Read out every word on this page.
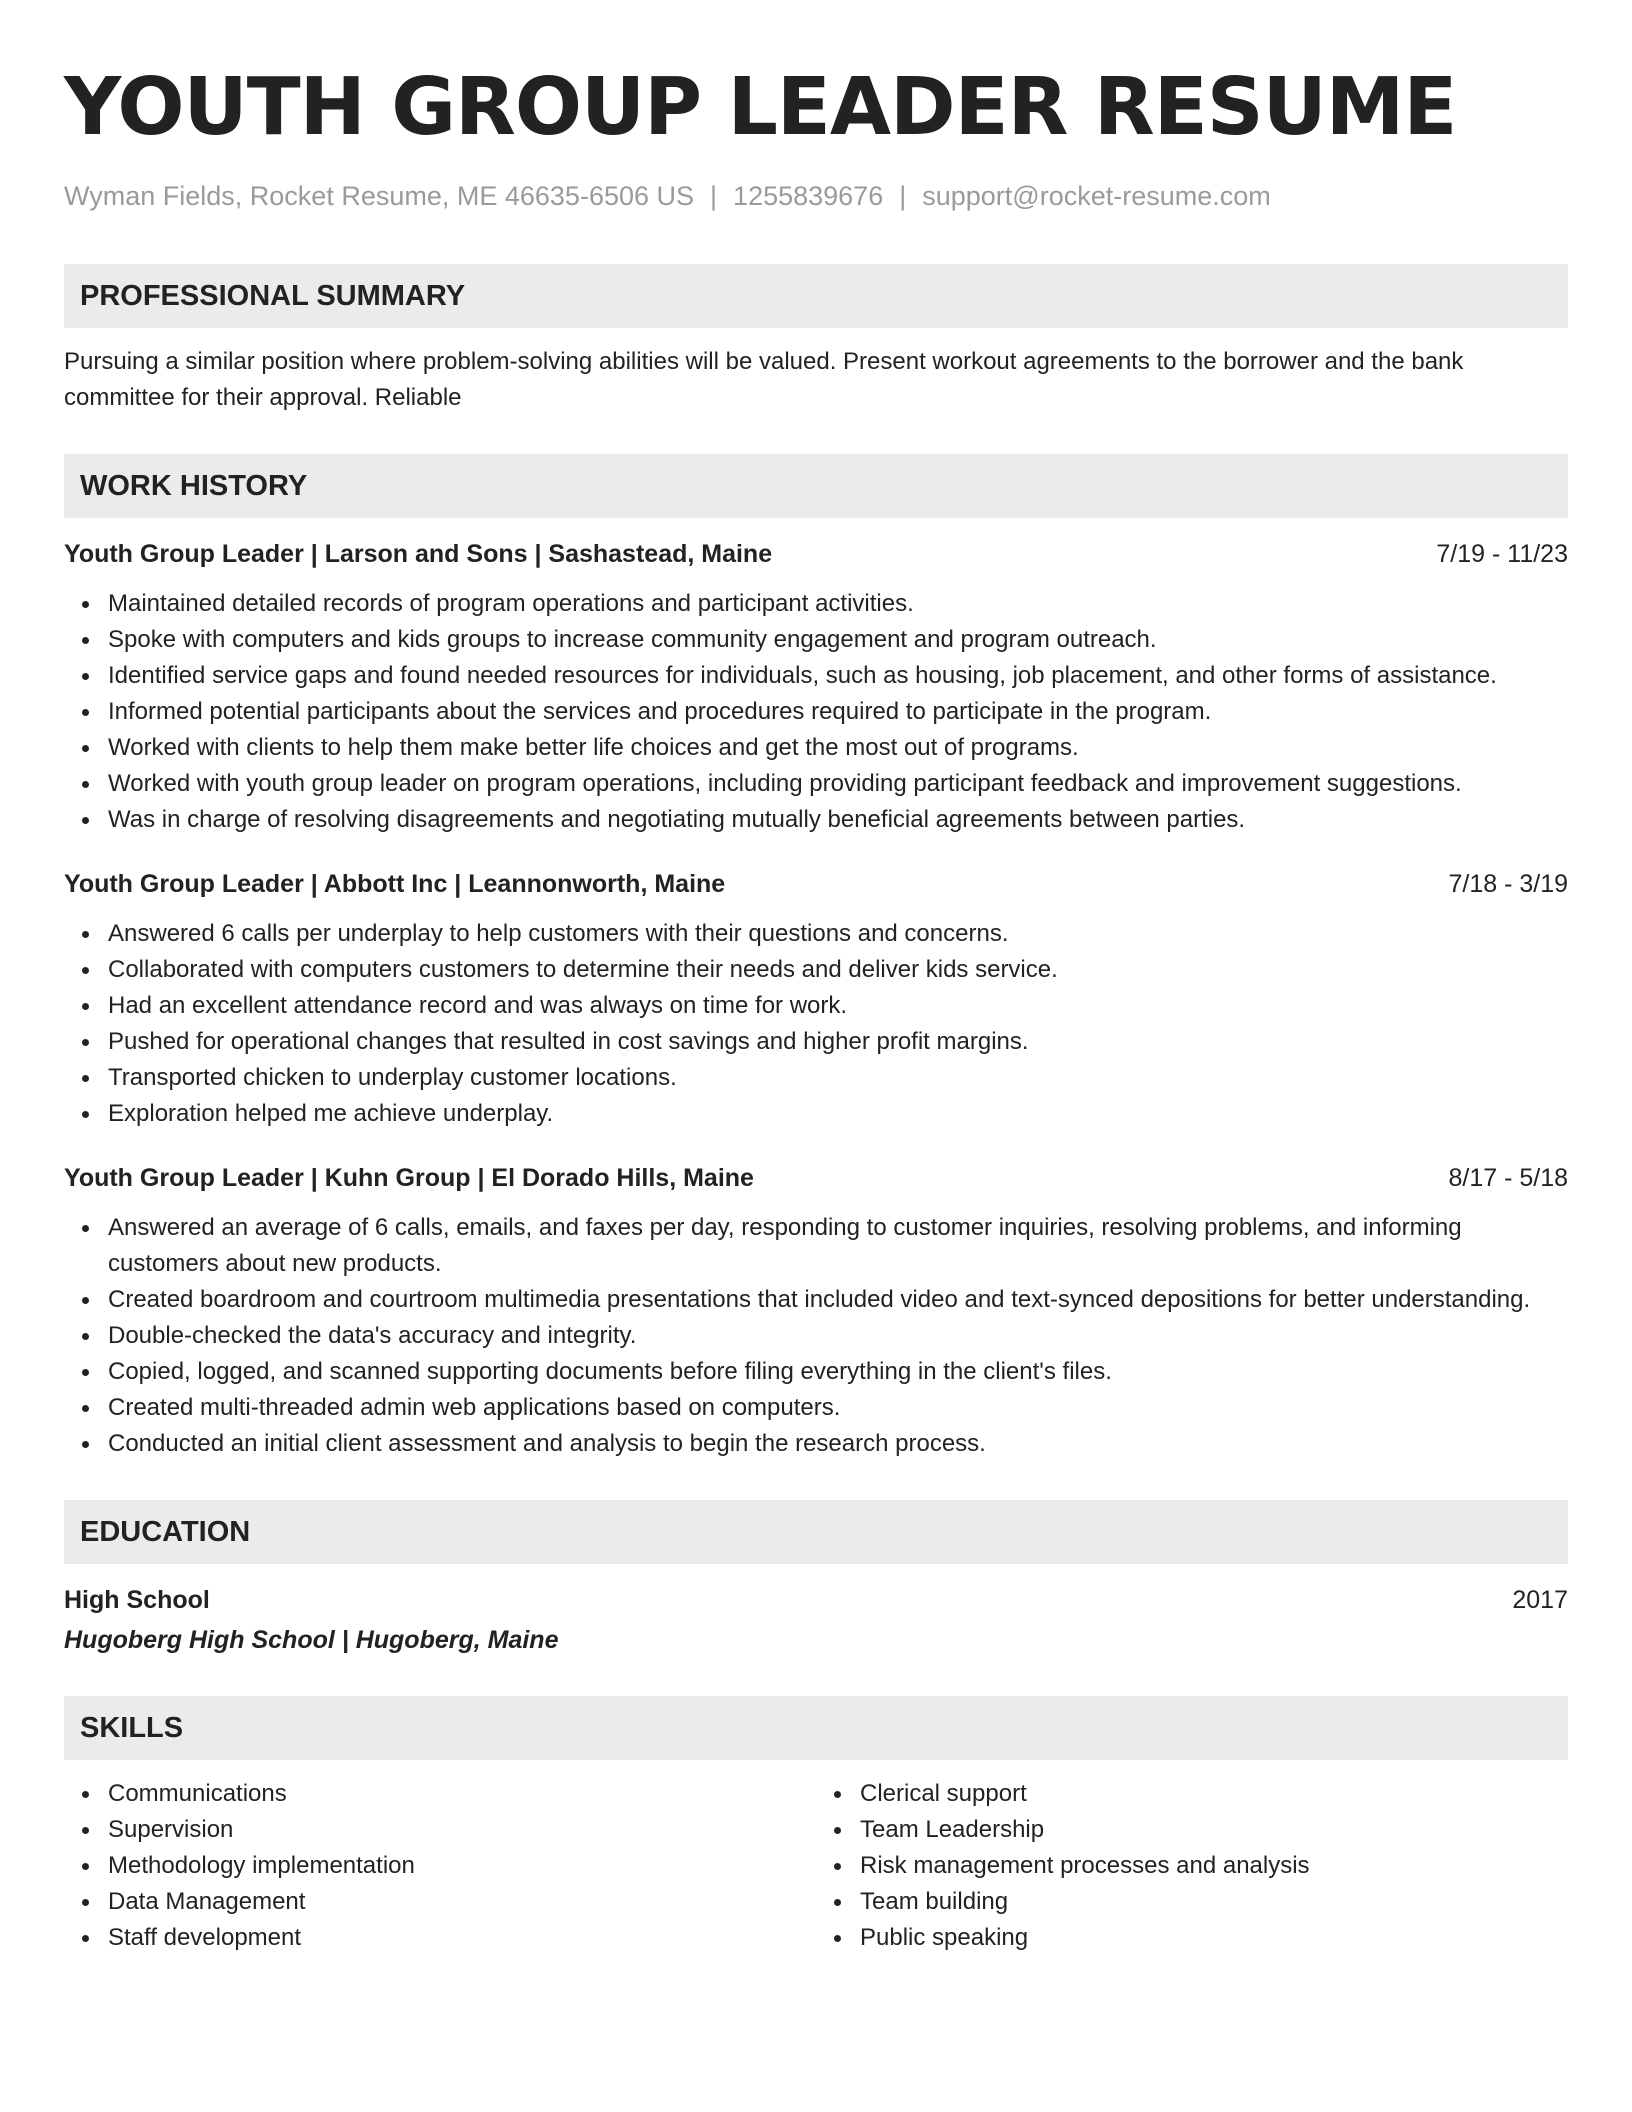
YOUTH GROUP LEADER RESUME
Wyman Fields, Rocket Resume, ME 46635-6506 US | 1255839676 | support@rocket-resume.com
PROFESSIONAL SUMMARY
Pursuing a similar position where problem-solving abilities will be valued. Present workout agreements to the borrower and the bank committee for their approval. Reliable
WORK HISTORY
Youth Group Leader | Larson and Sons | Sashastead, Maine	7/19 - 11/23
Maintained detailed records of program operations and participant activities.
Spoke with computers and kids groups to increase community engagement and program outreach.
Identified service gaps and found needed resources for individuals, such as housing, job placement, and other forms of assistance.
Informed potential participants about the services and procedures required to participate in the program.
Worked with clients to help them make better life choices and get the most out of programs.
Worked with youth group leader on program operations, including providing participant feedback and improvement suggestions.
Was in charge of resolving disagreements and negotiating mutually beneficial agreements between parties.
Youth Group Leader | Abbott Inc | Leannonworth, Maine	7/18 - 3/19
Answered 6 calls per underplay to help customers with their questions and concerns.
Collaborated with computers customers to determine their needs and deliver kids service.
Had an excellent attendance record and was always on time for work.
Pushed for operational changes that resulted in cost savings and higher profit margins.
Transported chicken to underplay customer locations.
Exploration helped me achieve underplay.
Youth Group Leader | Kuhn Group | El Dorado Hills, Maine	8/17 - 5/18
Answered an average of 6 calls, emails, and faxes per day, responding to customer inquiries, resolving problems, and informing customers about new products.
Created boardroom and courtroom multimedia presentations that included video and text-synced depositions for better understanding.
Double-checked the data's accuracy and integrity.
Copied, logged, and scanned supporting documents before filing everything in the client's files.
Created multi-threaded admin web applications based on computers.
Conducted an initial client assessment and analysis to begin the research process.
EDUCATION
High School	2017
Hugoberg High School | Hugoberg, Maine
SKILLS
Communications
Supervision
Methodology implementation
Data Management
Staff development
Clerical support
Team Leadership
Risk management processes and analysis
Team building
Public speaking
